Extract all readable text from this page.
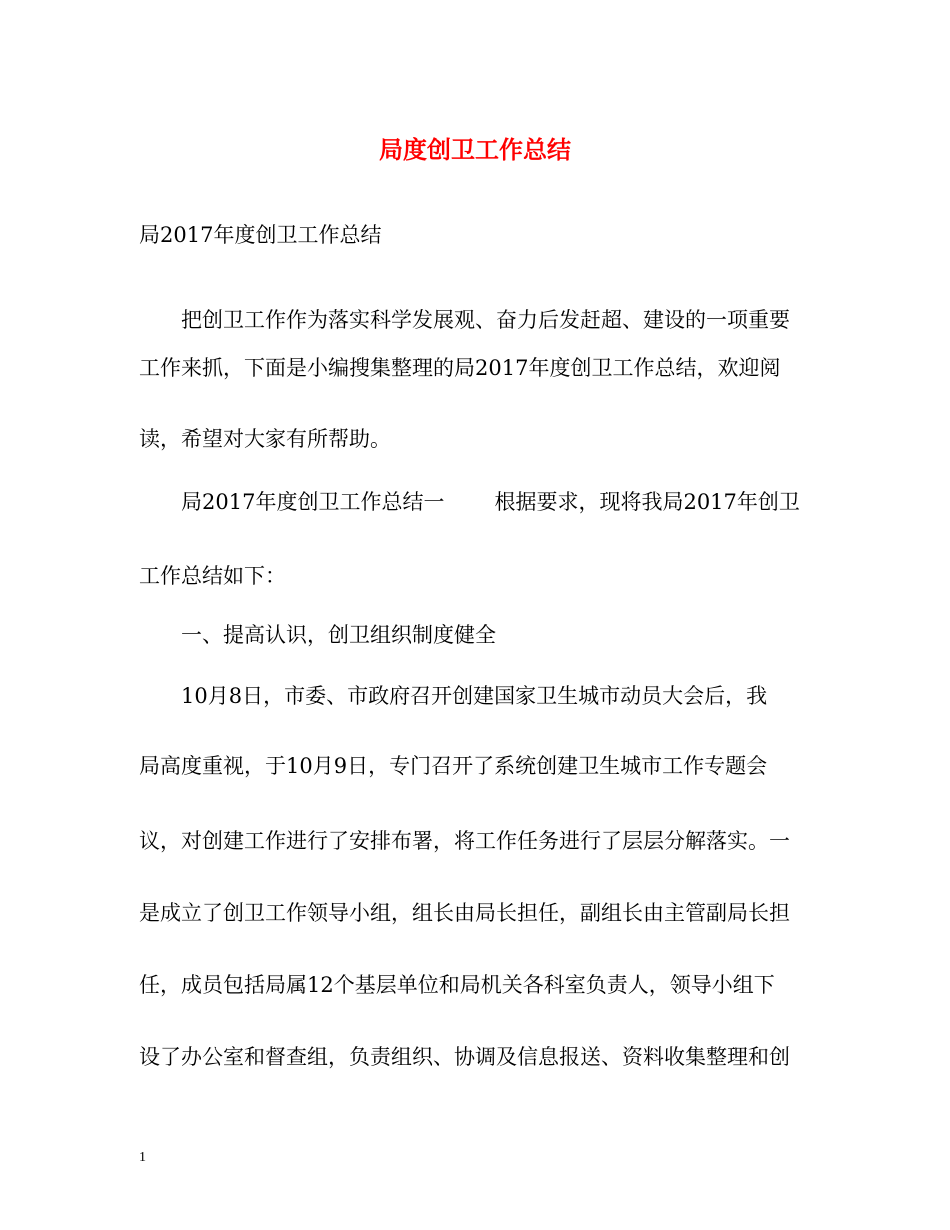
局度创卫工作总结
局2017年度创卫工作总结
把创卫工作作为落实科学发展观、奋力后发赶超、建设的一项重要
工作来抓，下面是小编搜集整理的局2017年度创卫工作总结，欢迎阅
读，希望对大家有所帮助。
局2017年度创卫工作总结一 根据要求，现将我局2017年创卫
工作总结如下：
一、提高认识，创卫组织制度健全
10月8日，市委、市政府召开创建国家卫生城市动员大会后，我
局高度重视，于10月9日，专门召开了系统创建卫生城市工作专题会
议，对创建工作进行了安排布署，将工作任务进行了层层分解落实。一
是成立了创卫工作领导小组，组长由局长担任，副组长由主管副局长担
任，成员包括局属12个基层单位和局机关各科室负责人，领导小组下
设了办公室和督查组，负责组织、协调及信息报送、资料收集整理和创
1
